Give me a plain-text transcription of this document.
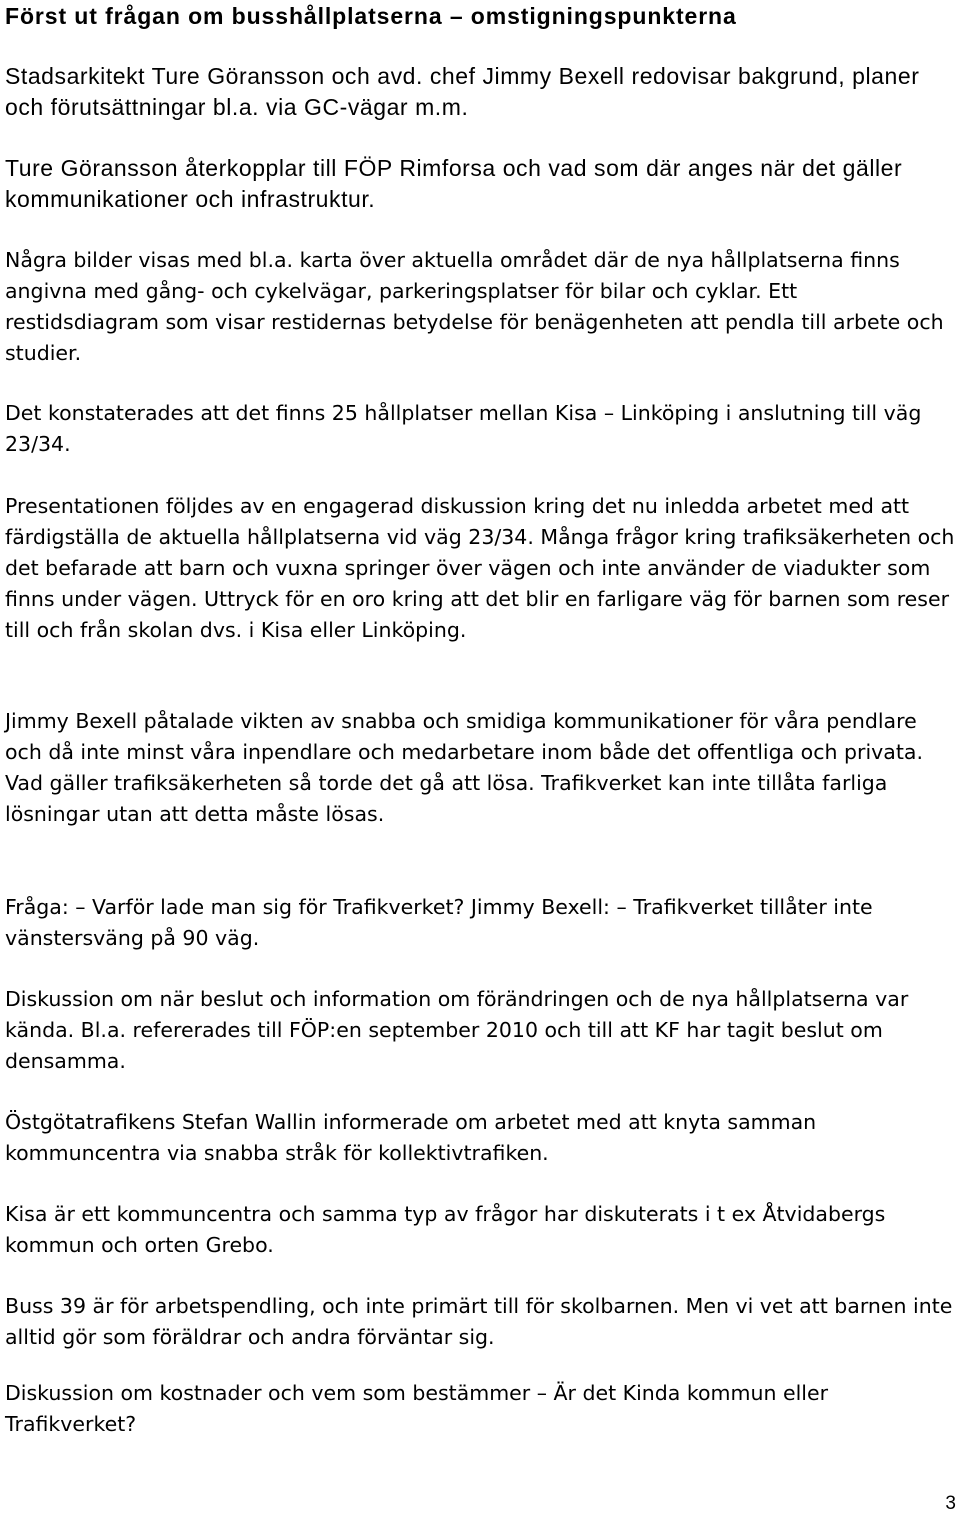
Först ut frågan om busshållplatserna – omstigningspunkterna

Stadsarkitekt Ture Göransson och avd. chef Jimmy Bexell redovisar bakgrund, planer och förutsättningar bl.a. via GC-vägar m.m.

Ture Göransson återkopplar till FÖP Rimforsa och vad som där anges när det gäller kommunikationer och infrastruktur.

Några bilder visas med bl.a. karta över aktuella området där de nya hållplatserna finns angivna med gång- och cykelvägar, parkeringsplatser för bilar och cyklar. Ett restidsdiagram som visar restidernas betydelse för benägenheten att pendla till arbete och studier.

Det konstaterades att det finns 25 hållplatser mellan Kisa – Linköping i anslutning till väg 23/34.

Presentationen följdes av en engagerad diskussion kring det nu inledda arbetet med att färdigställa de aktuella hållplatserna vid väg 23/34. Många frågor kring trafiksäkerheten och det befarade att barn och vuxna springer över vägen och inte använder de viadukter som finns under vägen. Uttryck för en oro kring att det blir en farligare väg för barnen som reser till och från skolan dvs. i Kisa eller Linköping.

Jimmy Bexell påtalade vikten av snabba och smidiga kommunikationer för våra pendlare och då inte minst våra inpendlare och medarbetare inom både det offentliga och privata. Vad gäller trafiksäkerheten så torde det gå att lösa. Trafikverket kan inte tillåta farliga lösningar utan att detta måste lösas.

Fråga: – Varför lade man sig för Trafikverket? Jimmy Bexell: – Trafikverket tillåter inte vänstersväng på 90 väg.

Diskussion om när beslut och information om förändringen och de nya hållplatserna var kända. Bl.a. refererades till FÖP:en september 2010 och till att KF har tagit beslut om densamma.

Östgötatrafikens Stefan Wallin informerade om arbetet med att knyta samman kommuncentra via snabba stråk för kollektivtrafiken.

Kisa är ett kommuncentra och samma typ av frågor har diskuterats i t ex Åtvidabergs kommun och orten Grebo.

Buss 39 är för arbetspendling, och inte primärt till för skolbarnen. Men vi vet att barnen inte alltid gör som föräldrar och andra förväntar sig.

Diskussion om kostnader och vem som bestämmer – Är det Kinda kommun eller Trafikverket?

3
